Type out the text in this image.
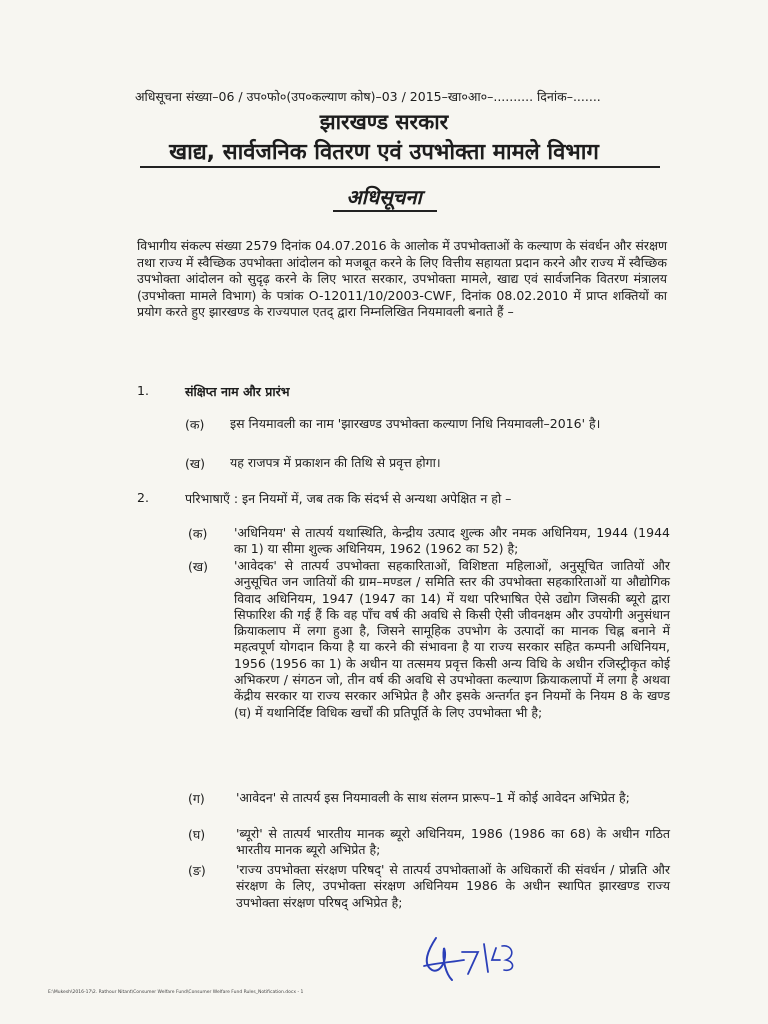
अधिसूचना संख्या–06 / उप०फो०(उप०कल्याण कोष)–03 / 2015–खा०आ०–.......... दिनांक–.......
झारखण्ड सरकार
खाद्य, सार्वजनिक वितरण एवं उपभोक्ता मामले विभाग
अधिसूचना
विभागीय संकल्प संख्या 2579 दिनांक 04.07.2016 के आलोक में उपभोक्ताओं के कल्याण के संवर्धन और संरक्षण तथा राज्य में स्वैच्छिक उपभोक्ता आंदोलन को मजबूत करने के लिए वित्तीय सहायता प्रदान करने और राज्य में स्वैच्छिक उपभोक्ता आंदोलन को सुदृढ़ करने के लिए भारत सरकार, उपभोक्ता मामले, खाद्य एवं सार्वजनिक वितरण मंत्रालय (उपभोक्ता मामले विभाग) के पत्रांक O-12011/10/2003-CWF, दिनांक 08.02.2010 में प्राप्त शक्तियों का प्रयोग करते हुए झारखण्ड के राज्यपाल एतद् द्वारा निम्नलिखित नियमावली बनाते हैं –
1.	संक्षिप्त नाम और प्रारंभ
(क) इस नियमावली का नाम 'झारखण्ड उपभोक्ता कल्याण निधि नियमावली–2016' है।
(ख) यह राजपत्र में प्रकाशन की तिथि से प्रवृत्त होगा।
2.	परिभाषाएँ : इन नियमों में, जब तक कि संदर्भ से अन्यथा अपेक्षित न हो –
(क) 'अधिनियम' से तात्पर्य यथास्थिति, केन्द्रीय उत्पाद शुल्क और नमक अधिनियम, 1944 (1944 का 1) या सीमा शुल्क अधिनियम, 1962 (1962 का 52) है;
(ख) 'आवेदक' से तात्पर्य उपभोक्ता सहकारिताओं, विशिष्टता महिलाओं, अनुसूचित जातियों और अनुसूचित जन जातियों की ग्राम–मण्डल / समिति स्तर की उपभोक्ता सहकारिताओं या औद्योगिक विवाद अधिनियम, 1947 (1947 का 14) में यथा परिभाषित ऐसे उद्योग जिसकी ब्यूरो द्वारा सिफारिश की गई हैं कि वह पाँच वर्ष की अवधि से किसी ऐसी जीवनक्षम और उपयोगी अनुसंधान क्रियाकलाप में लगा हुआ है, जिसने सामूहिक उपभोग के उत्पादों का मानक चिह्न बनाने में महत्वपूर्ण योगदान किया है या करने की संभावना है या राज्य सरकार सहित कम्पनी अधिनियम, 1956 (1956 का 1) के अधीन या तत्समय प्रवृत्त किसी अन्य विधि के अधीन रजिस्ट्रीकृत कोई अभिकरण / संगठन जो, तीन वर्ष की अवधि से उपभोक्ता कल्याण क्रियाकलापों में लगा है अथवा केंद्रीय सरकार या राज्य सरकार अभिप्रेत है और इसके अन्तर्गत इन नियमों के नियम 8 के खण्ड (घ) में यथानिर्दिष्ट विधिक खर्चों की प्रतिपूर्ति के लिए उपभोक्ता भी है;
(ग) 'आवेदन' से तात्पर्य इस नियमावली के साथ संलग्न प्रारूप–1 में कोई आवेदन अभिप्रेत है;
(घ) 'ब्यूरो' से तात्पर्य भारतीय मानक ब्यूरो अधिनियम, 1986 (1986 का 68) के अधीन गठित भारतीय मानक ब्यूरो अभिप्रेत है;
(ङ) 'राज्य उपभोक्ता संरक्षण परिषद्' से तात्पर्य उपभोक्ताओं के अधिकारों की संवर्धन / प्रोन्नति और संरक्षण के लिए, उपभोक्ता संरक्षण अधिनियम 1986 के अधीन स्थापित झारखण्ड राज्य उपभोक्ता संरक्षण परिषद् अभिप्रेत है;
E:\Mukesh\2016-17\2. Rathour Nitant\Consumer Welfare Fund\Consumer Welfare Fund Rules_Notification.docx - 1
